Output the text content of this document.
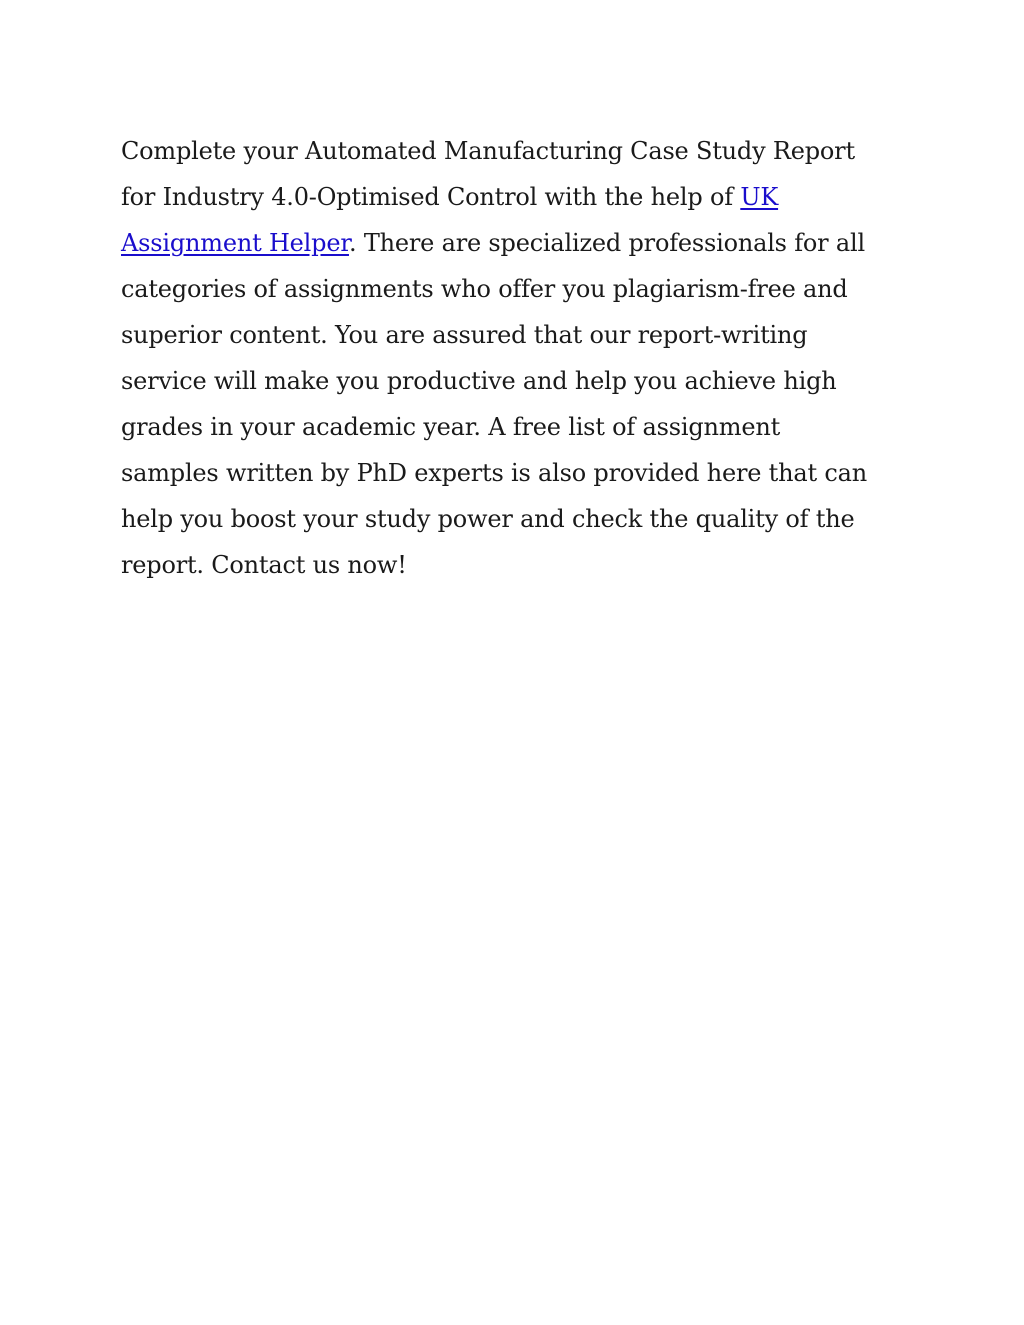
Complete your Automated Manufacturing Case Study Report
for Industry 4.0-Optimised Control with the help of UK
Assignment Helper. There are specialized professionals for all
categories of assignments who offer you plagiarism-free and
superior content. You are assured that our report-writing
service will make you productive and help you achieve high
grades in your academic year. A free list of assignment
samples written by PhD experts is also provided here that can
help you boost your study power and check the quality of the
report. Contact us now!
